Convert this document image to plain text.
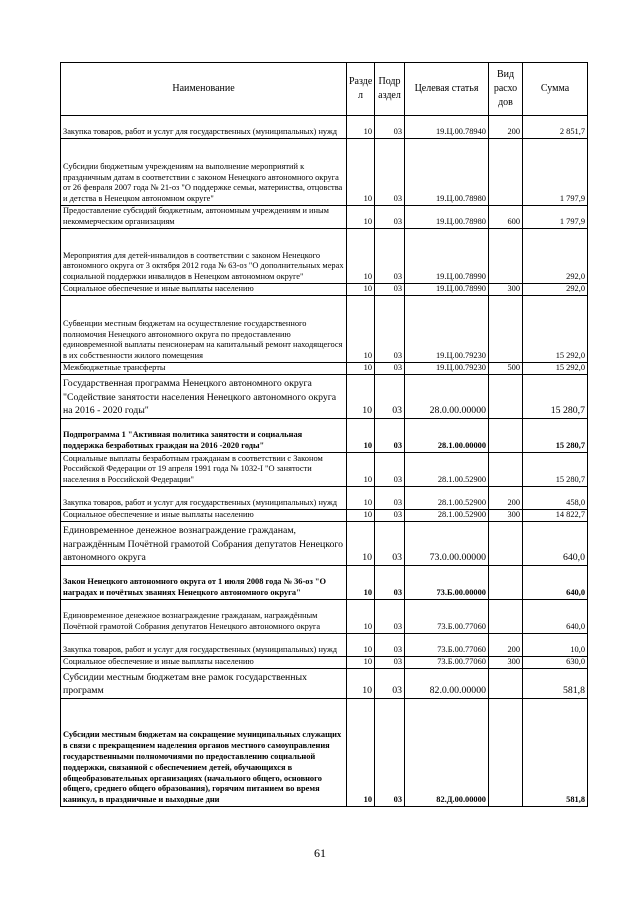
Наименование	Разде л	Подр аздел	Целевая статья	Вид расхо дов	Сумма
Закупка товаров, работ и услуг для государственных (муниципальных) нужд	10	03	19.Ц.00.78940	200	2 851,7
Субсидии бюджетным учреждениям на выполнение мероприятий к праздничным датам в соответствии с законом Ненецкого автономного округа от 26 февраля 2007 года № 21-оз "О поддержке семьи, материнства, отцовства и детства в Ненецком автономном округе"	10	03	19.Ц.00.78980		1 797,9
Предоставление субсидий бюджетным, автономным учреждениям и иным некоммерческим организациям	10	03	19.Ц.00.78980	600	1 797,9
Мероприятия для детей-инвалидов в соответствии с законом Ненецкого автономного округа от 3 октября 2012 года № 63-оз "О дополнительных мерах социальной поддержки инвалидов в Ненецком автономном округе"	10	03	19.Ц.00.78990		292,0
Социальное обеспечение и иные выплаты населению	10	03	19.Ц.00.78990	300	292,0
Субвенции местным бюджетам на осуществление государственного полномочия Ненецкого автономного округа по предоставлению единовременной выплаты пенсионерам на капитальный ремонт находящегося в их собственности жилого помещения	10	03	19.Ц.00.79230		15 292,0
Межбюджетные трансферты	10	03	19.Ц.00.79230	500	15 292,0
Государственная программа Ненецкого автономного округа "Содействие занятости населения Ненецкого автономного округа на 2016 - 2020 годы"	10	03	28.0.00.00000		15 280,7
Подпрограмма 1 "Активная политика занятости и социальная поддержка безработных граждан на 2016 -2020 годы"	10	03	28.1.00.00000		15 280,7
Социальные выплаты безработным гражданам в соответствии с Законом Российской Федерации от 19 апреля 1991 года № 1032-I "О занятости населения в Российской Федерации"	10	03	28.1.00.52900		15 280,7
Закупка товаров, работ и услуг для государственных (муниципальных) нужд	10	03	28.1.00.52900	200	458,0
Социальное обеспечение и иные выплаты населению	10	03	28.1.00.52900	300	14 822,7
Единовременное денежное вознаграждение гражданам, награждённым Почётной грамотой Собрания депутатов Ненецкого автономного округа	10	03	73.0.00.00000		640,0
Закон Ненецкого автономного округа от 1 июля 2008 года № 36-оз "О наградах и почётных званиях Ненецкого автономного округа"	10	03	73.Б.00.00000		640,0
Единовременное денежное вознаграждение гражданам, награждённым Почётной грамотой Собрания депутатов Ненецкого автономного округа	10	03	73.Б.00.77060		640,0
Закупка товаров, работ и услуг для государственных (муниципальных) нужд	10	03	73.Б.00.77060	200	10,0
Социальное обеспечение и иные выплаты населению	10	03	73.Б.00.77060	300	630,0
Субсидии местным бюджетам вне рамок государственных программ	10	03	82.0.00.00000		581,8
Субсидии местным бюджетам на сокращение муниципальных служащих в связи с прекращением наделения органов местного самоуправления государственными полномочиями по предоставлению социальной поддержки, связанной с обеспечением детей, обучающихся в общеобразовательных организациях (начального общего, основного общего, среднего общего образования), горячим питанием во время каникул, в праздничные и выходные дни	10	03	82.Д.00.00000		581,8
61
